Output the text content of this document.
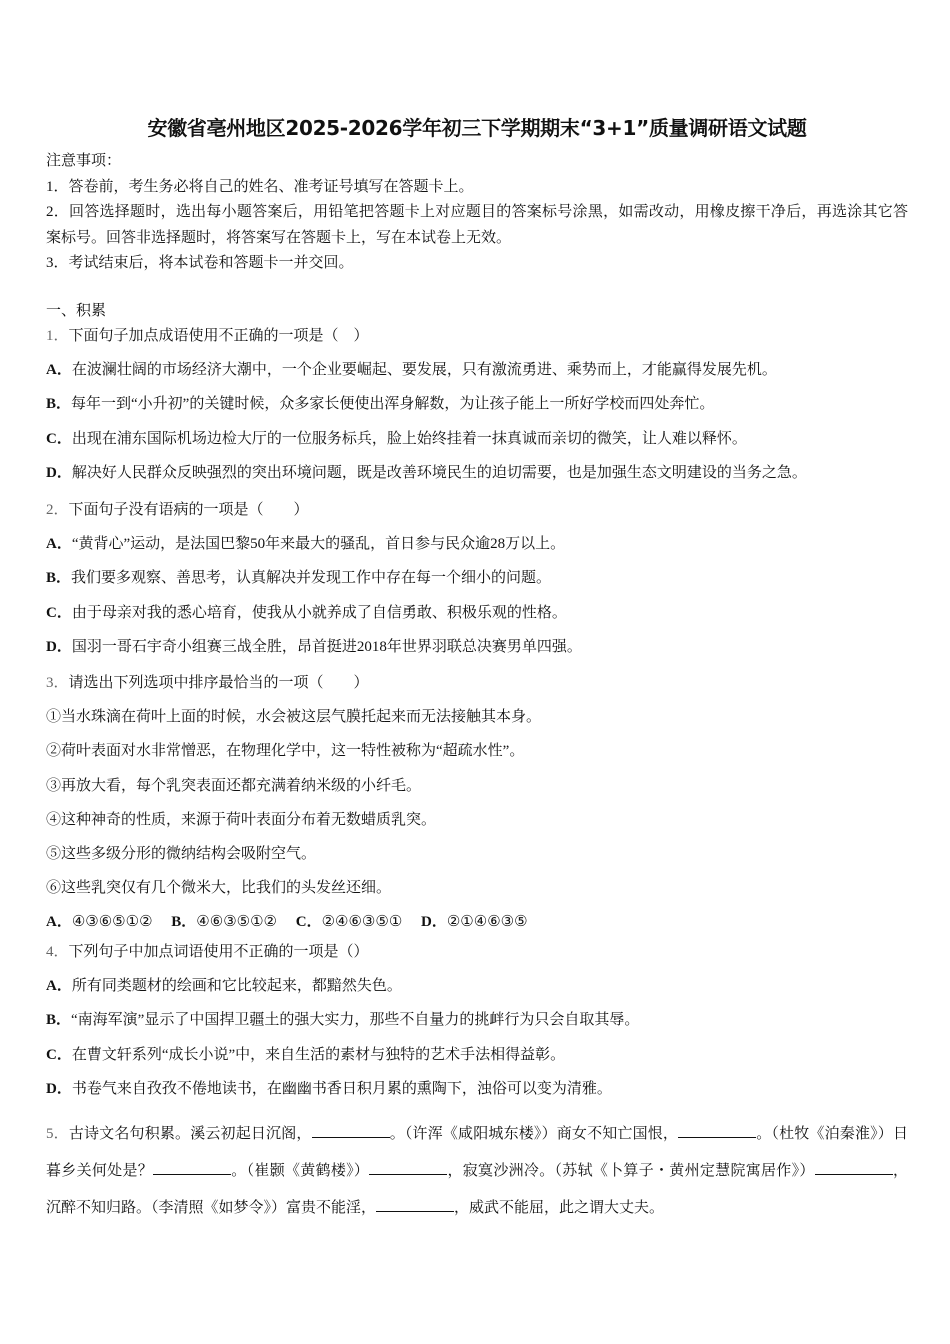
安徽省亳州地区2025-2026学年初三下学期期末“3+1”质量调研语文试题

注意事项：

1．答卷前，考生务必将自己的姓名、准考证号填写在答题卡上。

2．回答选择题时，选出每小题答案后，用铅笔把答题卡上对应题目的答案标号涂黑，如需改动，用橡皮擦干净后，再选涂其它答案标号。回答非选择题时，将答案写在答题卡上，写在本试卷上无效。

3．考试结束后，将本试卷和答题卡一并交回。

一、积累
1．下面句子加点成语使用不正确的一项是（　）
A．在波澜壮阔的市场经济大潮中，一个企业要崛起、要发展，只有激流勇进、乘势而上，才能赢得发展先机。
B．每年一到“小升初”的关键时候，众多家长便使出浑身解数，为让孩子能上一所好学校而四处奔忙。
C．出现在浦东国际机场边检大厅的一位服务标兵，脸上始终挂着一抹真诚而亲切的微笑，让人难以释怀。
D．解决好人民群众反映强烈的突出环境问题，既是改善环境民生的迫切需要，也是加强生态文明建设的当务之急。
2．下面句子没有语病的一项是（　　）
A．“黄背心”运动，是法国巴黎50年来最大的骚乱，首日参与民众逾28万以上。
B．我们要多观察、善思考，认真解决并发现工作中存在每一个细小的问题。
C．由于母亲对我的悉心培育，使我从小就养成了自信勇敢、积极乐观的性格。
D．国羽一哥石宇奇小组赛三战全胜，昂首挺进2018年世界羽联总决赛男单四强。
3．请选出下列选项中排序最恰当的一项（　　）
①当水珠滴在荷叶上面的时候，水会被这层气膜托起来而无法接触其本身。
②荷叶表面对水非常憎恶，在物理化学中，这一特性被称为“超疏水性”。
③再放大看，每个乳突表面还都充满着纳米级的小纤毛。
④这种神奇的性质，来源于荷叶表面分布着无数蜡质乳突。
⑤这些多级分形的微纳结构会吸附空气。
⑥这些乳突仅有几个微米大，比我们的头发丝还细。
A．④③⑥⑤①②  B．④⑥③⑤①②  C．②④⑥③⑤①  D．②①④⑥③⑤
4．下列句子中加点词语使用不正确的一项是（）
A．所有同类题材的绘画和它比较起来，都黯然失色。
B．“南海军演”显示了中国捍卫疆土的强大实力，那些不自量力的挑衅行为只会自取其辱。
C．在曹文轩系列“成长小说”中，来自生活的素材与独特的艺术手法相得益彰。
D．书卷气来自孜孜不倦地读书，在幽幽书香日积月累的熏陶下，浊俗可以变为清雅。
5．古诗文名句积累。溪云初起日沉阁，	。（许浑《咸阳城东楼》）商女不知亡国恨，	。（杜牧《泊秦淮》）日暮乡关何处是？	。（崔颢《黄鹤楼》）	，寂寞沙洲冷。（苏轼《卜算子・黄州定慧院寓居作》）	，沉醉不知归路。（李清照《如梦令》）富贵不能淫，	，威武不能屈，此之谓大丈夫。
